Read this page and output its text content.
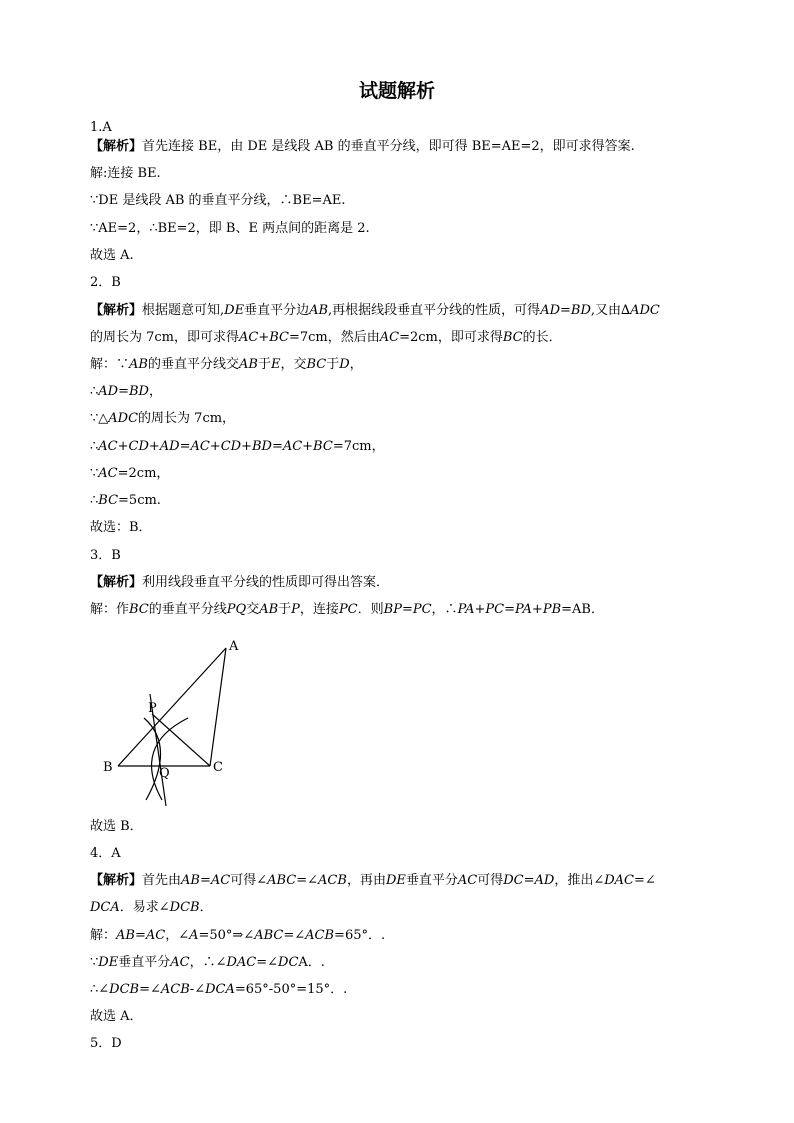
试题解析
1.A
【解析】首先连接 BE，由 DE 是线段 AB 的垂直平分线，即可得 BE=AE=2，即可求得答案.
解:连接 BE.
∵DE 是线段 AB 的垂直平分线，∴BE=AE.
∵AE=2，∴BE=2，即 B、E 两点间的距离是 2.
故选 A.
2．B
【解析】根据题意可知,DE垂直平分边AB,再根据线段垂直平分线的性质，可得AD=BD,又由∆ADC
的周长为 7cm，即可求得AC+BC=7cm，然后由AC=2cm，即可求得BC的长．
解：∵AB的垂直平分线交AB于E，交BC于D，
∴AD=BD，
∵△ADC的周长为 7cm，
∴AC+CD+AD=AC+CD+BD=AC+BC=7cm，
∵AC=2cm，
∴BC=5cm.
故选：B．
3．B
【解析】利用线段垂直平分线的性质即可得出答案．
解：作BC的垂直平分线PQ交AB于P，连接PC．则BP=PC，∴PA+PC=PA+PB=AB．
A
P
B	Q	C
故选 B．
4．A
【解析】首先由AB=AC可得∠ABC=∠ACB，再由DE垂直平分AC可得DC=AD，推出∠DAC=∠
DCA．易求∠DCB．
解：AB=AC，∠A=50°⇒∠ABC=∠ACB=65°．.
∵DE垂直平分AC，∴∠DAC=∠DCA．.
∴∠DCB=∠ACB-∠DCA=65°-50°=15°．.
故选 A．
5．D
